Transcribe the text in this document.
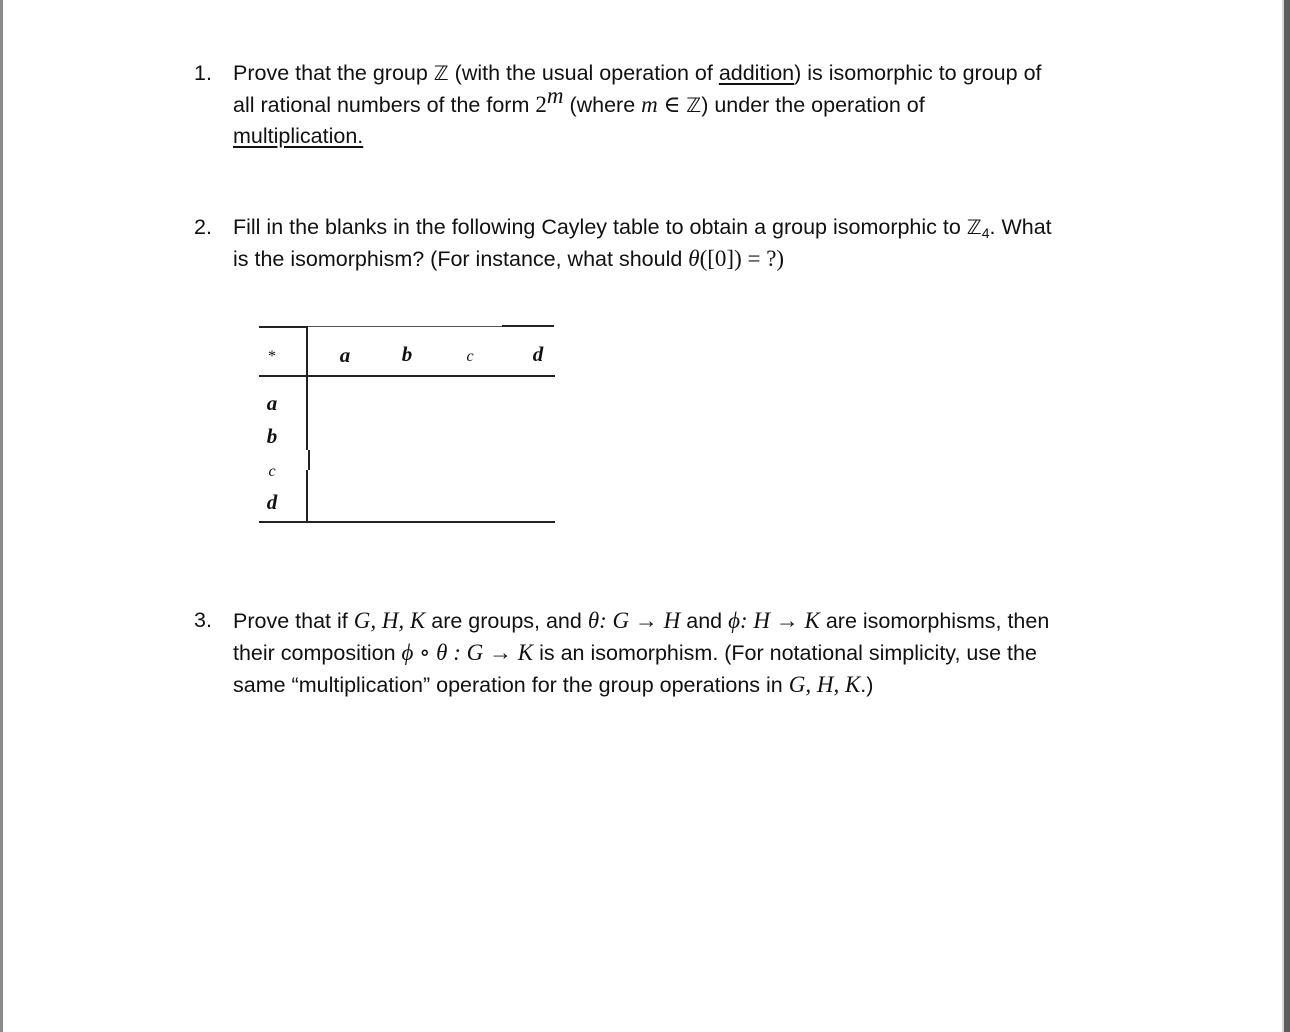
1. Prove that the group ℤ (with the usual operation of addition) is isomorphic to group of
all rational numbers of the form 2$^m$ (where m ∈ ℤ) under the operation of
multiplication.
2. Fill in the blanks in the following Cayley table to obtain a group isomorphic to ℤ$_4$. What
is the isomorphism? (For instance, what should θ([0]) = ?)
*	a	b	c	d
a
b
c
d
3. Prove that if G, H, K are groups, and θ: G → H and ϕ: H → K are isomorphisms, then
their composition ϕ ∘ θ : G → K is an isomorphism. (For notational simplicity, use the
same “multiplication” operation for the group operations in G, H, K.)
